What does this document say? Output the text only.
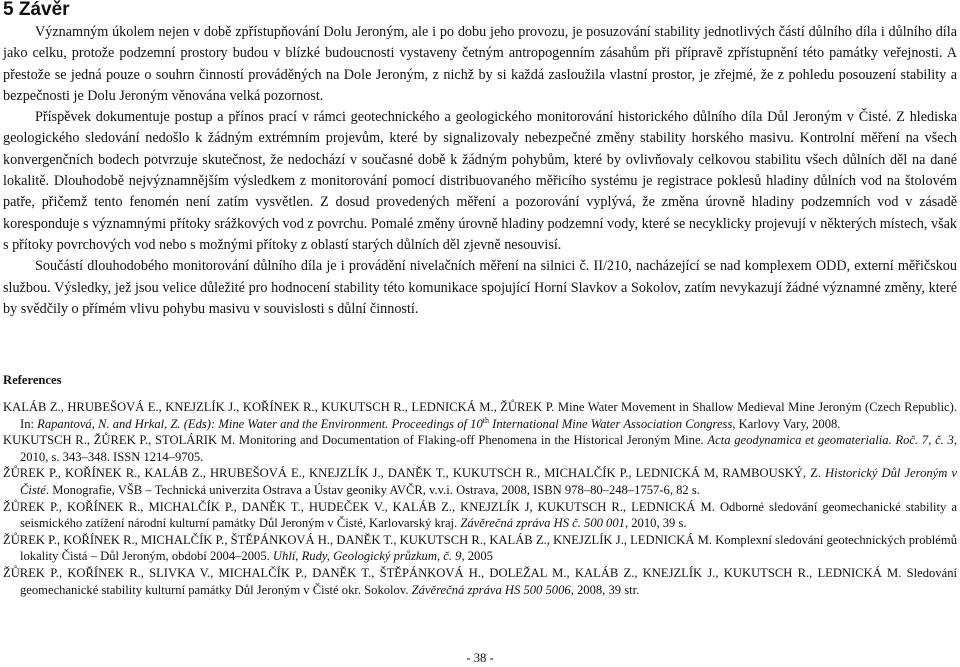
5 Závěr

Významným úkolem nejen v době zpřístupňování Dolu Jeroným, ale i po dobu jeho provozu, je posuzování stability jednotlivých částí důlního díla i důlního díla jako celku, protože podzemní prostory budou v blízké budoucnosti vystaveny četným antropogenním zásahům při přípravě zpřístupnění této památky veřejnosti. A přestože se jedná pouze o souhrn činností prováděných na Dole Jeroným, z nichž by si každá zasloužila vlastní prostor, je zřejmé, že z pohledu posouzení stability a bezpečnosti je Dolu Jeroným věnována velká pozornost.

Příspěvek dokumentuje postup a přínos prací v rámci geotechnického a geologického monitorování historického důlního díla Důl Jeroným v Čisté. Z hlediska geologického sledování nedošlo k žádným extrémním projevům, které by signalizovaly nebezpečné změny stability horského masivu. Kontrolní měření na všech konvergenčních bodech potvrzuje skutečnost, že nedochází v současné době k žádným pohybům, které by ovlivňovaly celkovou stabilitu všech důlních děl na dané lokalitě. Dlouhodobě nejvýznamnějším výsledkem z monitorování pomocí distribuovaného měřicího systému je registrace poklesů hladiny důlních vod na štolovém patře, přičemž tento fenomén není zatím vysvětlen. Z dosud provedených měření a pozorování vyplývá, že změna úrovně hladiny podzemních vod v zásadě koresponduje s významnými přítoky srážkových vod z povrchu. Pomalé změny úrovně hladiny podzemní vody, které se necyklicky projevují v některých místech, však s přítoky povrchových vod nebo s možnými přítoky z oblastí starých důlních děl zjevně nesouvisí.

Součástí dlouhodobého monitorování důlního díla je i provádění nivelačních měření na silnici č. II/210, nacházející se nad komplexem ODD, externí měřičskou službou. Výsledky, jež jsou velice důležité pro hodnocení stability této komunikace spojující Horní Slavkov a Sokolov, zatím nevykazují žádné významné změny, které by svědčily o přímém vlivu pohybu masivu v souvislosti s důlní činností.

References

KALÁB Z., HRUBEŠOVÁ E., KNEJZLÍK J., KOŘÍNEK R., KUKUTSCH R., LEDNICKÁ M., ŽŮREK P. Mine Water Movement in Shallow Medieval Mine Jeroným (Czech Republic). In: Rapantová, N. and Hrkal, Z. (Eds): Mine Water and the Environment. Proceedings of 10th International Mine Water Association Congress, Karlovy Vary, 2008.

KUKUTSCH R., ŽŮREK P., STOLÁRIK M. Monitoring and Documentation of Flaking-off Phenomena in the Historical Jeroným Mine. Acta geodynamica et geomaterialia. Roč. 7, č. 3, 2010, s. 343–348. ISSN 1214–9705.

ŽŮREK P., KOŘÍNEK R., KALÁB Z., HRUBEŠOVÁ E., KNEJZLÍK J., DANĚK T., KUKUTSCH R., MICHALČÍK P., LEDNICKÁ M, RAMBOUSKÝ, Z. Historický Důl Jeroným v Čisté. Monografie, VŠB – Technická univerzita Ostrava a Ústav geoniky AVČR, v.v.i. Ostrava, 2008, ISBN 978–80–248–1757-6, 82 s.

ŽŮREK P., KOŘÍNEK R., MICHALČÍK P., DANĚK T., HUDEČEK V., KALÁB Z., KNEJZLÍK J, KUKUTSCH R., LEDNICKÁ M. Odborné sledování geomechanické stability a seismického zatížení národní kulturní památky Důl Jeroným v Čisté, Karlovarský kraj. Závěrečná zpráva HS č. 500 001, 2010, 39 s.

ŽŮREK P., KOŘÍNEK R., MICHALČÍK P., ŠTĚPÁNKOVÁ H., DANĚK T., KUKUTSCH R., KALÁB Z., KNEJZLÍK J., LEDNICKÁ M. Komplexní sledování geotechnických problémů lokality Čistá – Důl Jeroným, období 2004–2005. Uhlí, Rudy, Geologický průzkum, č. 9, 2005

ŽŮREK P., KOŘÍNEK R., SLIVKA V., MICHALČÍK P., DANĚK T., ŠTĚPÁNKOVÁ H., DOLEŽAL M., KALÁB Z., KNEJZLÍK J., KUKUTSCH R., LEDNICKÁ M. Sledování geomechanické stability kulturní památky Důl Jeroným v Čisté okr. Sokolov. Závěrečná zpráva HS 500 5006, 2008, 39 str.

- 38 -
